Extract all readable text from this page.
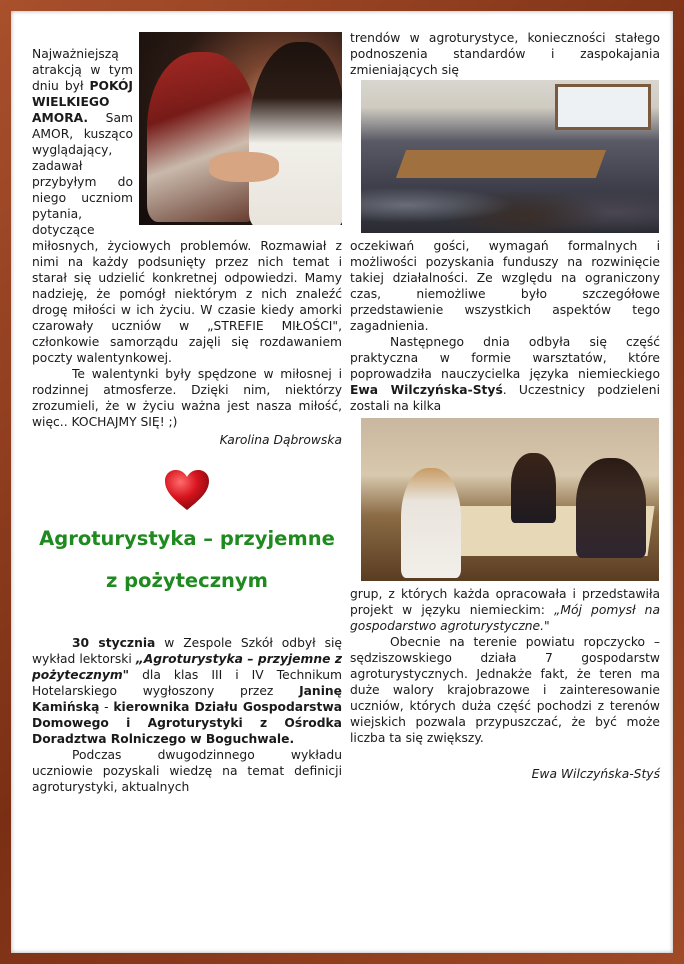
Najważniejszą atrakcją w tym dniu był POKÓJ WIELKIEGO AMORA. Sam AMOR, kusząco wyglądający, zadawał przybyłym do niego uczniom pytania, dotyczące miłosnych, życiowych problemów. Rozmawiał z nimi na każdy podsunięty przez nich temat i starał się udzielić konkretnej odpowiedzi. Mamy nadzieję, że pomógł niektórym z nich znaleźć drogę miłości w ich życiu. W czasie kiedy amorki czarowały uczniów w „STREFIE MIŁOŚCI", członkowie samorządu zajęli się rozdawaniem poczty walentynkowej.

Te walentynki były spędzone w miłosnej i rodzinnej atmosferze. Dzięki nim, niektórzy zrozumieli, że w życiu ważna jest nasza miłość, więc.. KOCHAJMY SIĘ! ;)

Karolina Dąbrowska

Agroturystyka – przyjemne

z pożytecznym

30 stycznia w Zespole Szkół odbył się wykład lektorski „Agroturystyka – przyjemne z pożytecznym" dla klas III i IV Technikum Hotelarskiego wygłoszony przez Janinę Kamińską - kierownika Działu Gospodarstwa Domowego i Agroturystyki z Ośrodka Doradztwa Rolniczego w Boguchwale.

Podczas dwugodzinnego wykładu uczniowie pozyskali wiedzę na temat definicji agroturystyki, aktualnych

trendów w agroturystyce, konieczności stałego podnoszenia standardów i zaspokajania zmieniających się

oczekiwań gości, wymagań formalnych i możliwości pozyskania funduszy na rozwinięcie takiej działalności. Ze względu na ograniczony czas, niemożliwe było szczegółowe przedstawienie wszystkich aspektów tego zagadnienia.

Następnego dnia odbyła się część praktyczna w formie warsztatów, które poprowadziła nauczycielka języka niemieckiego Ewa Wilczyńska-Styś. Uczestnicy podzieleni zostali na kilka

grup, z których każda opracowała i przedstawiła projekt w języku niemieckim: „Mój pomysł na gospodarstwo agroturystyczne."

Obecnie na terenie powiatu ropczycko – sędziszowskiego działa 7 gospodarstw agroturystycznych. Jednakże fakt, że teren ma duże walory krajobrazowe i zainteresowanie uczniów, których duża część pochodzi z terenów wiejskich pozwala przypuszczać, że być może liczba ta się zwiększy.

Ewa Wilczyńska-Styś
